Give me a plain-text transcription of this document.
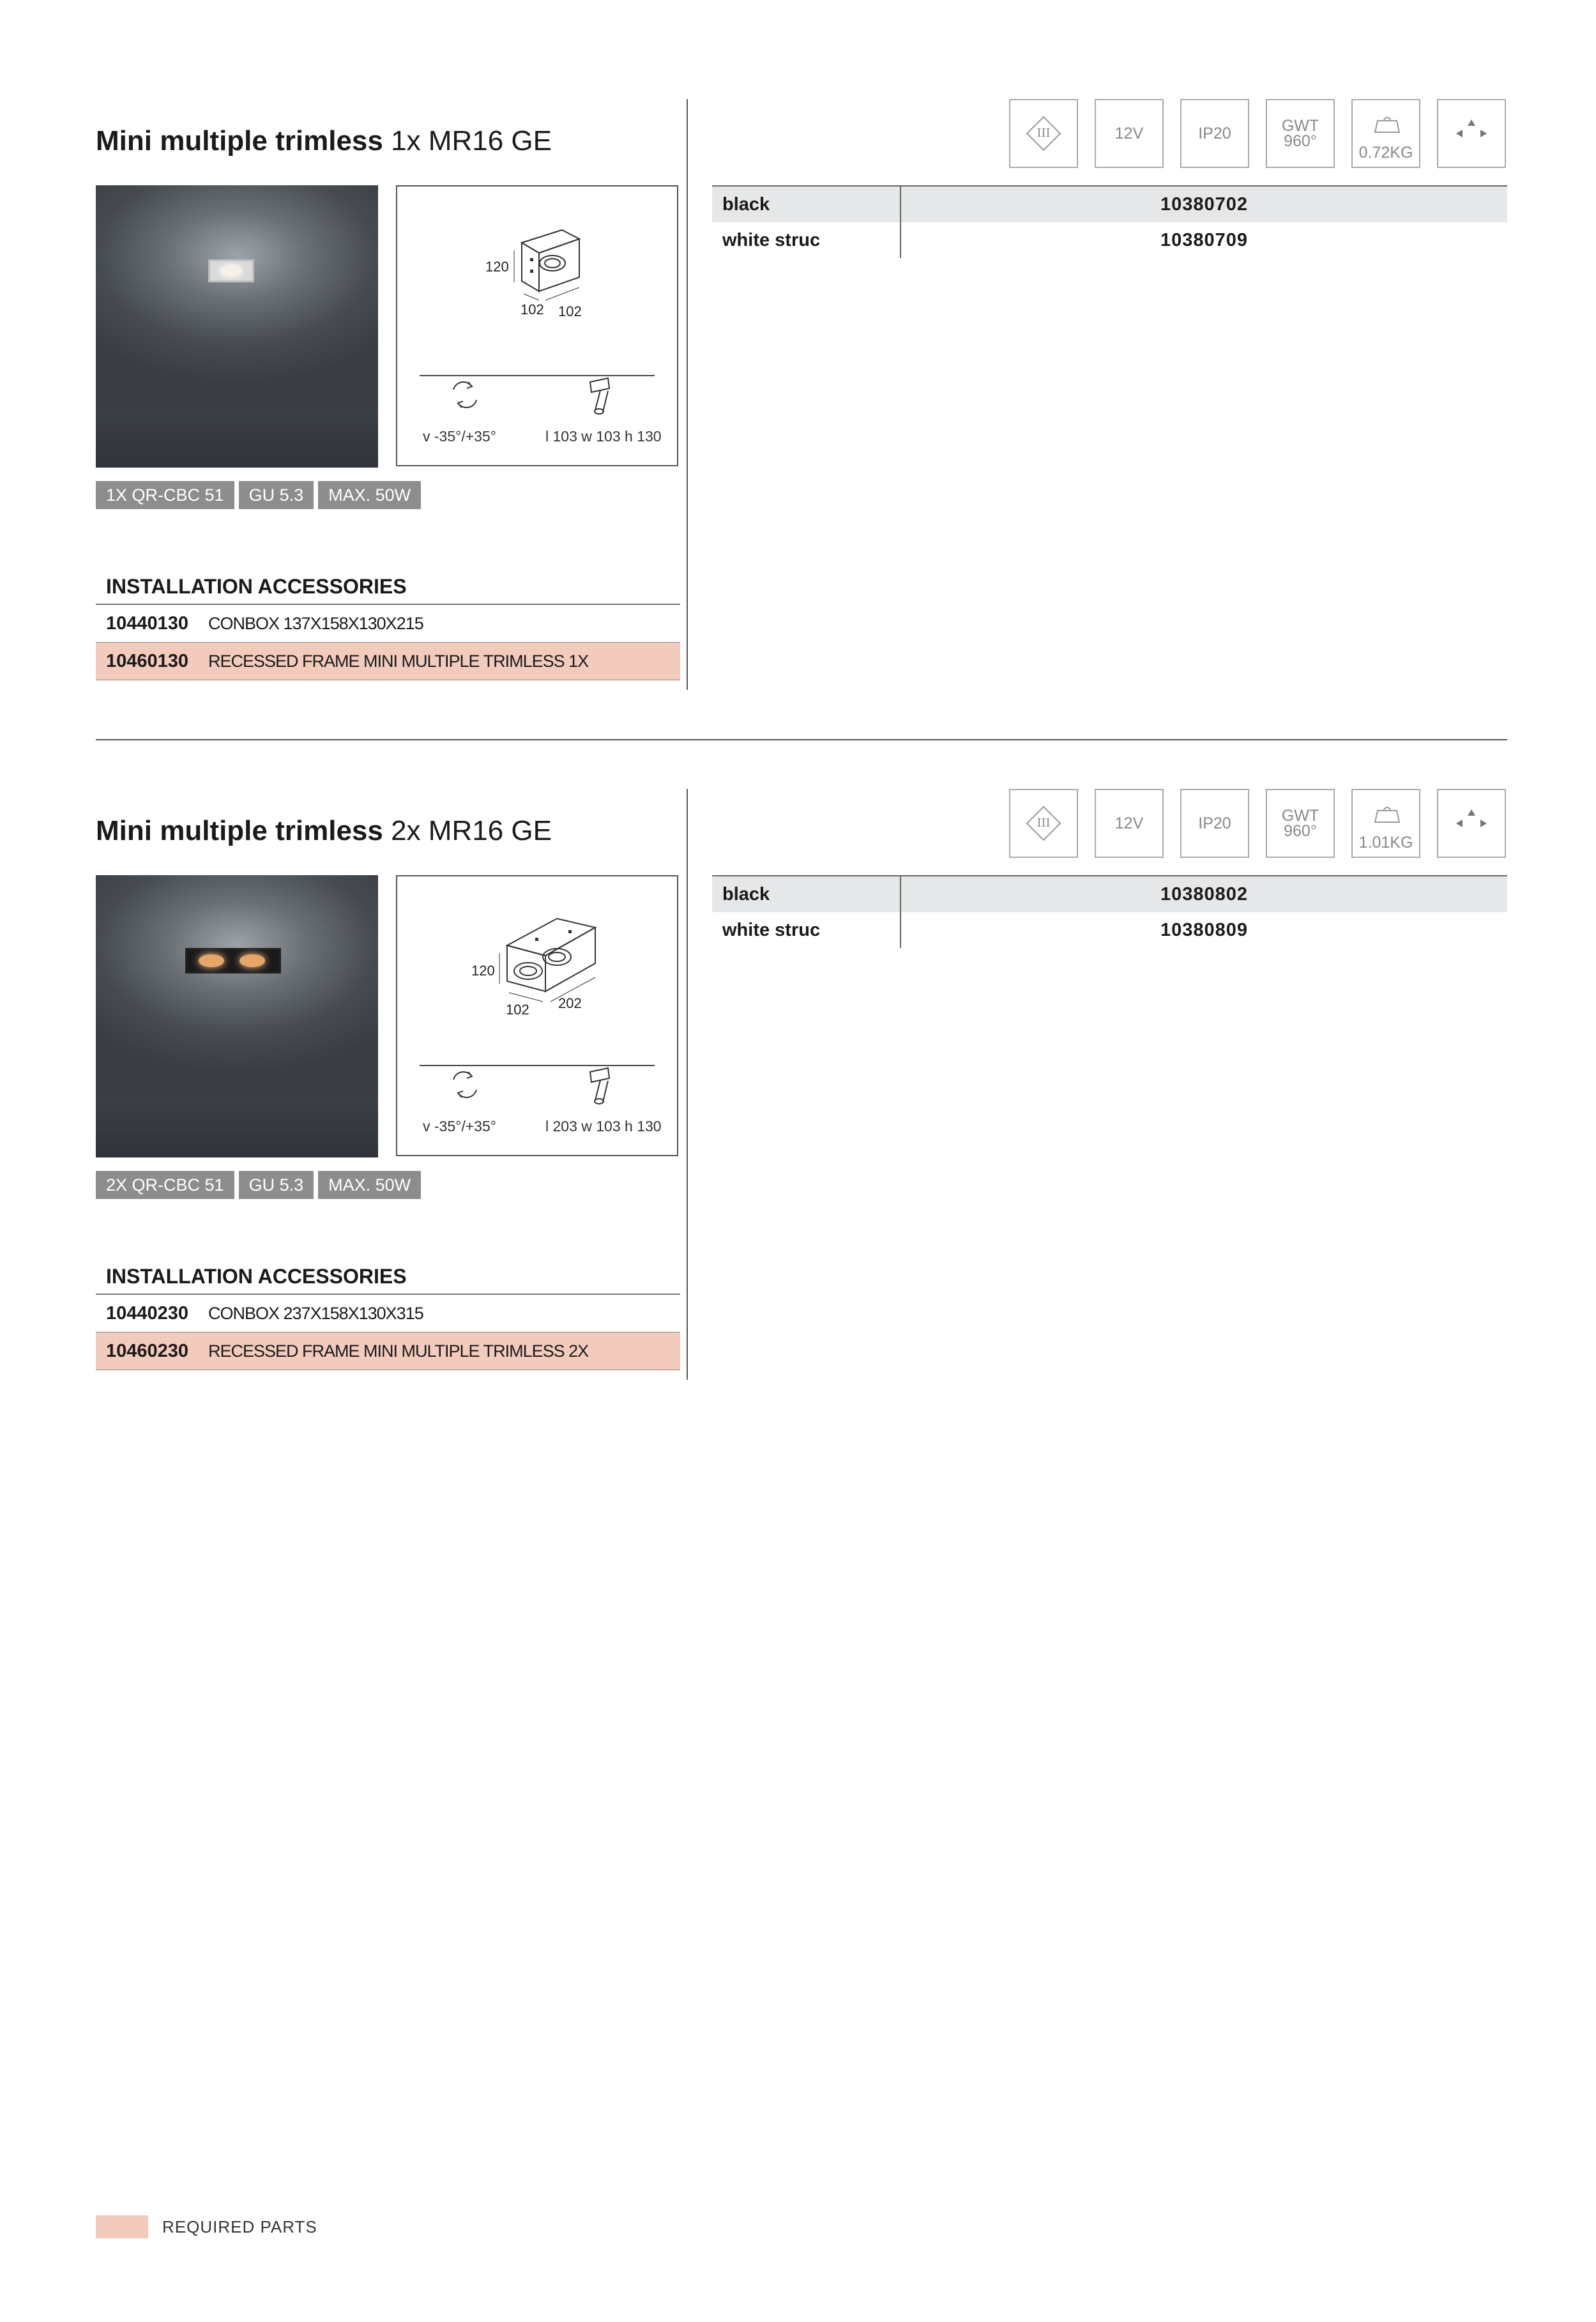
Mini multiple trimless 1x MR16 GE
120
102 102
v -35°/+35°	l 103 w 103 h 130
1X QR-CBC 51	GU 5.3	MAX. 50W
INSTALLATION ACCESSORIES
10440130	CONBOX 137X158X130X215
10460130	RECESSED FRAME MINI MULTIPLE TRIMLESS 1X
III	12V	IP20	GWT
960°
0.72KG
black	10380702
white struc	10380709
Mini multiple trimless 2x MR16 GE
120
102 202
v -35°/+35°	l 203 w 103 h 130
2X QR-CBC 51	GU 5.3	MAX. 50W
INSTALLATION ACCESSORIES
10440230	CONBOX 237X158X130X315
10460230	RECESSED FRAME MINI MULTIPLE TRIMLESS 2X
III	12V	IP20	GWT
960°
1.01KG
black	10380802
white struc	10380809
REQUIRED PARTS
